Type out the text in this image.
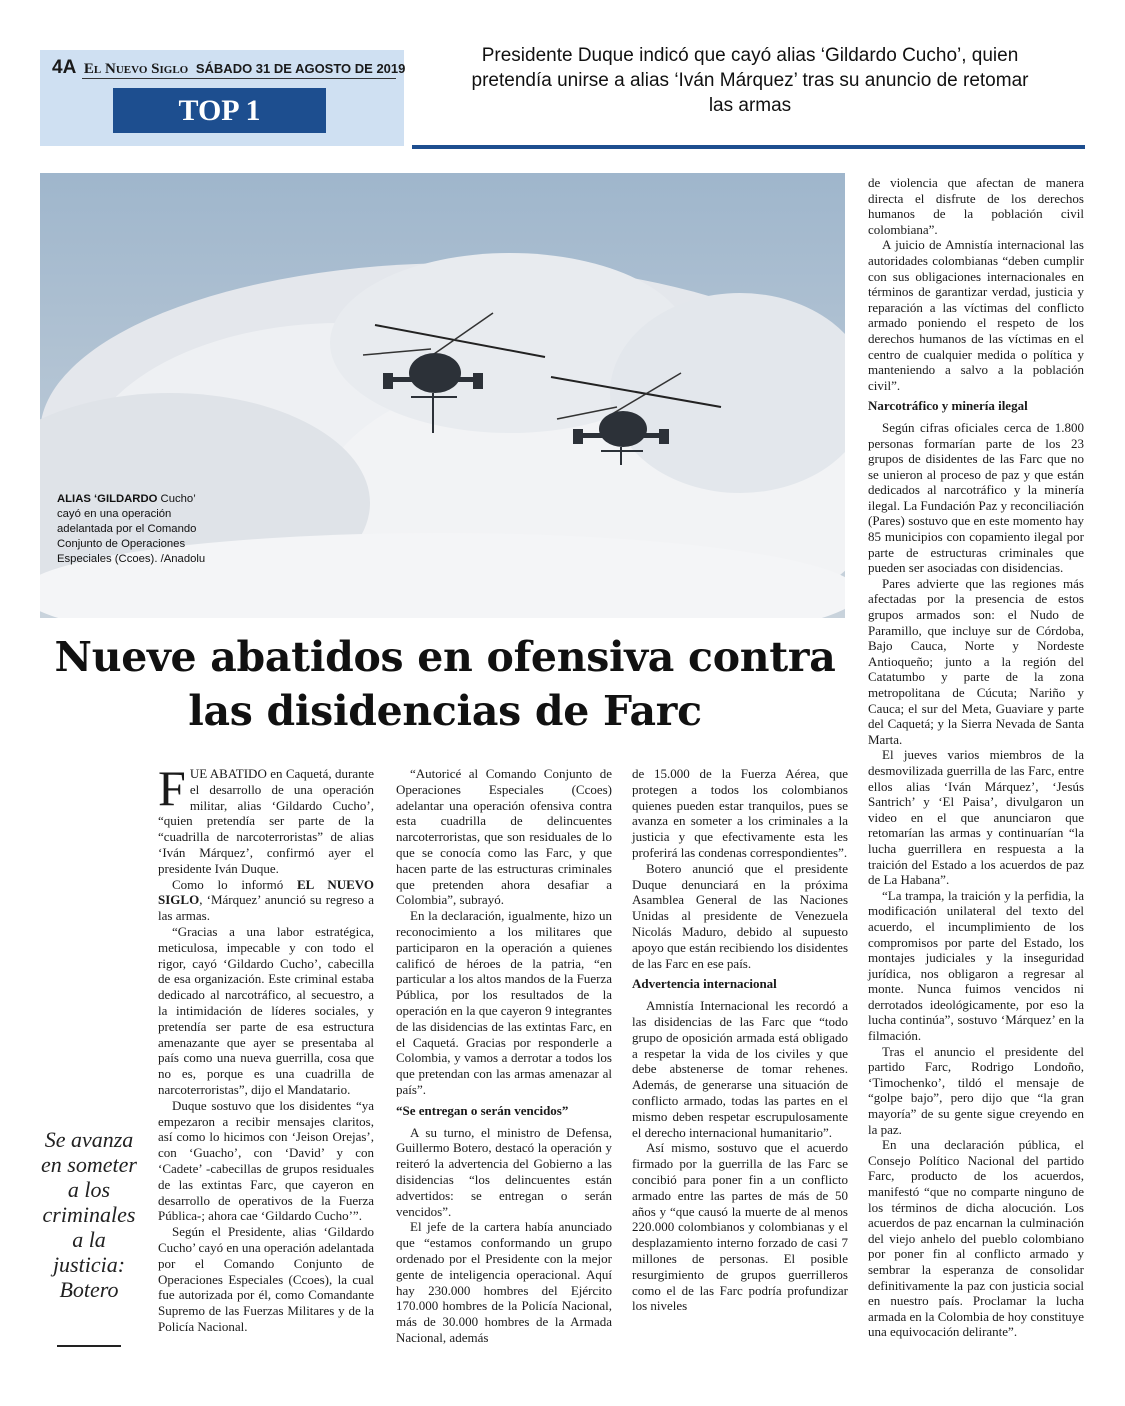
4A El Nuevo Siglo SÁBADO 31 DE AGOSTO DE 2019
TOP 1
Presidente Duque indicó que cayó alias ‘Gildardo Cucho’, quien pretendía unirse a alias ‘Iván Márquez’ tras su anuncio de retomar las armas
ALIAS ‘GILDARDO Cucho’ cayó en una operación adelantada por el Comando Conjunto de Operaciones Especiales (Ccoes). /Anadolu
Nueve abatidos en ofensiva contra las disidencias de Farc
Se avanza en someter a los criminales a la justicia: Botero

FUE ABATIDO en Caquetá, durante el desarrollo de una operación militar, alias ‘Gildardo Cucho’, “quien pretendía ser parte de la “cuadrilla de narcoterroristas” de alias ‘Iván Márquez’, confirmó ayer el presidente Iván Duque.

Como lo informó EL NUEVO SIGLO, ‘Márquez’ anunció su regreso a las armas.

“Gracias a una labor estratégica, meticulosa, impecable y con todo el rigor, cayó ‘Gildardo Cucho’, cabecilla de esa organización. Este criminal estaba dedicado al narcotráfico, al secuestro, a la intimidación de líderes sociales, y pretendía ser parte de esa estructura amenazante que ayer se presentaba al país como una nueva guerrilla, cosa que no es, porque es una cuadrilla de narcoterroristas”, dijo el Mandatario.

Duque sostuvo que los disidentes “ya empezaron a recibir mensajes claritos, así como lo hicimos con ‘Jeison Orejas’, con ‘Guacho’, con ‘David’ y con ‘Cadete’ -cabecillas de grupos residuales de las extintas Farc, que cayeron en desarrollo de operativos de la Fuerza Pública-; ahora cae ‘Gildardo Cucho’”.

Según el Presidente, alias ‘Gildardo Cucho’ cayó en una operación adelantada por el Comando Conjunto de Operaciones Especiales (Ccoes), la cual fue autorizada por él, como Comandante Supremo de las Fuerzas Militares y de la Policía Nacional.

“Autoricé al Comando Conjunto de Operaciones Especiales (Ccoes) adelantar una operación ofensiva contra esta cuadrilla de delincuentes narcoterroristas, que son residuales de lo que se conocía como las Farc, y que hacen parte de las estructuras criminales que pretenden ahora desafiar a Colombia”, subrayó.

En la declaración, igualmente, hizo un reconocimiento a los militares que participaron en la operación a quienes calificó de héroes de la patria, “en particular a los altos mandos de la Fuerza Pública, por los resultados de la operación en la que cayeron 9 integrantes de las disidencias de las extintas Farc, en el Caquetá. Gracias por responderle a Colombia, y vamos a derrotar a todos los que pretendan con las armas amenazar al país”.

“Se entregan o serán vencidos”

A su turno, el ministro de Defensa, Guillermo Botero, destacó la operación y reiteró la advertencia del Gobierno a las disidencias “los delincuentes están advertidos: se entregan o serán vencidos”.

El jefe de la cartera había anunciado que “estamos conformando un grupo ordenado por el Presidente con la mejor gente de inteligencia operacional. Aquí hay 230.000 hombres del Ejército 170.000 hombres de la Policía Nacional, más de 30.000 hombres de la Armada Nacional, además

de 15.000 de la Fuerza Aérea, que protegen a todos los colombianos quienes pueden estar tranquilos, pues se avanza en someter a los criminales a la justicia y que efectivamente esta les proferirá las condenas correspondientes”.

Botero anunció que el presidente Duque denunciará en la próxima Asamblea General de las Naciones Unidas al presidente de Venezuela Nicolás Maduro, debido al supuesto apoyo que están recibiendo los disidentes de las Farc en ese país.

Advertencia internacional

Amnistía Internacional les recordó a las disidencias de las Farc que “todo grupo de oposición armada está obligado a respetar la vida de los civiles y que debe abstenerse de tomar rehenes. Además, de generarse una situación de conflicto armado, todas las partes en el mismo deben respetar escrupulosamente el derecho internacional humanitario”.

Así mismo, sostuvo que el acuerdo firmado por la guerrilla de las Farc se concibió para poner fin a un conflicto armado entre las partes de más de 50 años y “que causó la muerte de al menos 220.000 colombianos y colombianas y el desplazamiento interno forzado de casi 7 millones de personas. El posible resurgimiento de grupos guerrilleros como el de las Farc podría profundizar los niveles

de violencia que afectan de manera directa el disfrute de los derechos humanos de la población civil colombiana”.

A juicio de Amnistía internacional las autoridades colombianas “deben cumplir con sus obligaciones internacionales en términos de garantizar verdad, justicia y reparación a las víctimas del conflicto armado poniendo el respeto de los derechos humanos de las víctimas en el centro de cualquier medida o política y manteniendo a salvo a la población civil”.

Narcotráfico y minería ilegal

Según cifras oficiales cerca de 1.800 personas formarían parte de los 23 grupos de disidentes de las Farc que no se unieron al proceso de paz y que están dedicados al narcotráfico y la minería ilegal. La Fundación Paz y reconciliación (Pares) sostuvo que en este momento hay 85 municipios con copamiento ilegal por parte de estructuras criminales que pueden ser asociadas con disidencias.

Pares advierte que las regiones más afectadas por la presencia de estos grupos armados son: el Nudo de Paramillo, que incluye sur de Córdoba, Bajo Cauca, Norte y Nordeste Antioqueño; junto a la región del Catatumbo y parte de la zona metropolitana de Cúcuta; Nariño y Cauca; el sur del Meta, Guaviare y parte del Caquetá; y la Sierra Nevada de Santa Marta.

El jueves varios miembros de la desmovilizada guerrilla de las Farc, entre ellos alias ‘Iván Márquez’, ‘Jesús Santrich’ y ‘El Paisa’, divulgaron un video en el que anunciaron que retomarían las armas y continuarían “la lucha guerrillera en respuesta a la traición del Estado a los acuerdos de paz de La Habana”.

“La trampa, la traición y la perfidia, la modificación unilateral del texto del acuerdo, el incumplimiento de los compromisos por parte del Estado, los montajes judiciales y la inseguridad jurídica, nos obligaron a regresar al monte. Nunca fuimos vencidos ni derrotados ideológicamente, por eso la lucha continúa”, sostuvo ‘Márquez’ en la filmación.

Tras el anuncio el presidente del partido Farc, Rodrigo Londoño, ‘Timochenko’, tildó el mensaje de “golpe bajo”, pero dijo que “la gran mayoría” de su gente sigue creyendo en la paz.

En una declaración pública, el Consejo Político Nacional del partido Farc, producto de los acuerdos, manifestó “que no comparte ninguno de los términos de dicha alocución. Los acuerdos de paz encarnan la culminación del viejo anhelo del pueblo colombiano por poner fin al conflicto armado y sembrar la esperanza de consolidar definitivamente la paz con justicia social en nuestro país. Proclamar la lucha armada en la Colombia de hoy constituye una equivocación delirante”.
